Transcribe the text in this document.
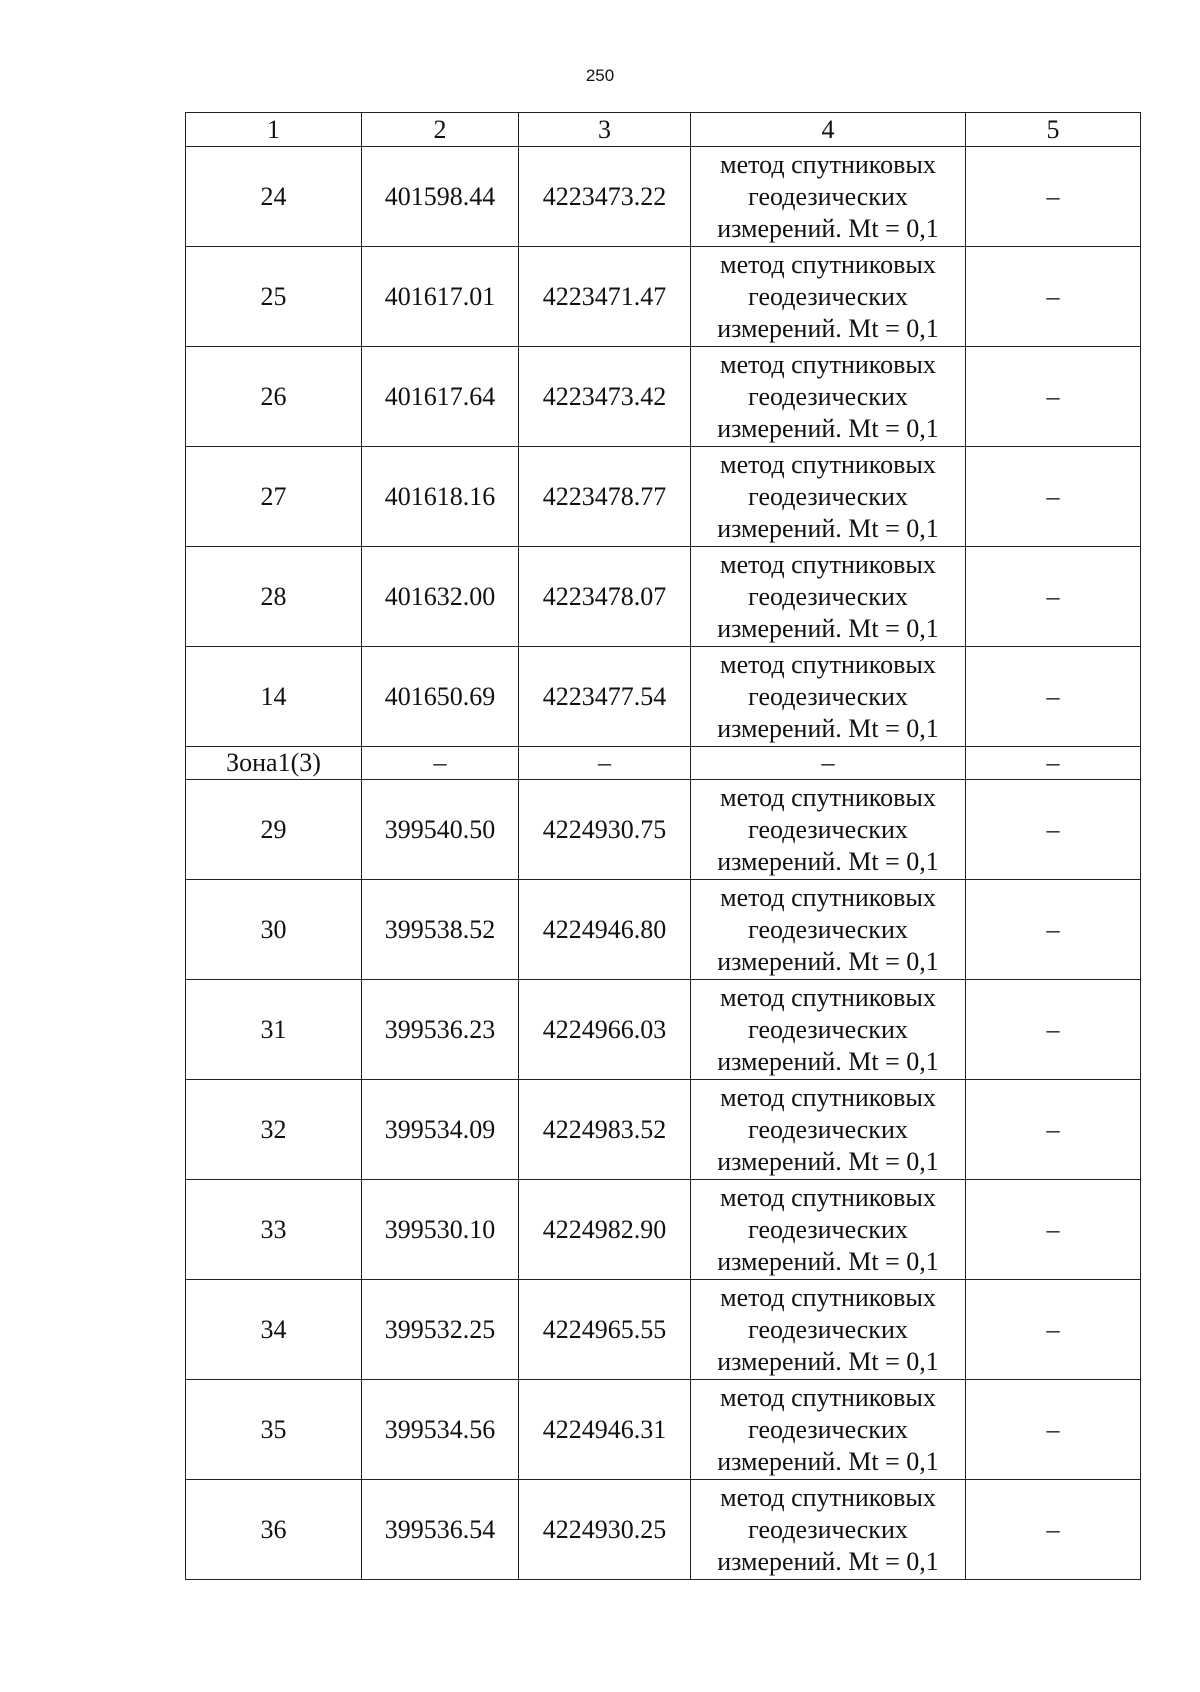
250
1	2	3	4	5
24	401598.44	4223473.22	метод спутниковых
геодезических
измерений. Mt = 0,1	–
25	401617.01	4223471.47	метод спутниковых
геодезических
измерений. Mt = 0,1	–
26	401617.64	4223473.42	метод спутниковых
геодезических
измерений. Mt = 0,1	–
27	401618.16	4223478.77	метод спутниковых
геодезических
измерений. Mt = 0,1	–
28	401632.00	4223478.07	метод спутниковых
геодезических
измерений. Mt = 0,1	–
14	401650.69	4223477.54	метод спутниковых
геодезических
измерений. Mt = 0,1	–
Зона1(3)	–	–	–	–
29	399540.50	4224930.75	метод спутниковых
геодезических
измерений. Mt = 0,1	–
30	399538.52	4224946.80	метод спутниковых
геодезических
измерений. Mt = 0,1	–
31	399536.23	4224966.03	метод спутниковых
геодезических
измерений. Mt = 0,1	–
32	399534.09	4224983.52	метод спутниковых
геодезических
измерений. Mt = 0,1	–
33	399530.10	4224982.90	метод спутниковых
геодезических
измерений. Mt = 0,1	–
34	399532.25	4224965.55	метод спутниковых
геодезических
измерений. Mt = 0,1	–
35	399534.56	4224946.31	метод спутниковых
геодезических
измерений. Mt = 0,1	–
36	399536.54	4224930.25	метод спутниковых
геодезических
измерений. Mt = 0,1	–
